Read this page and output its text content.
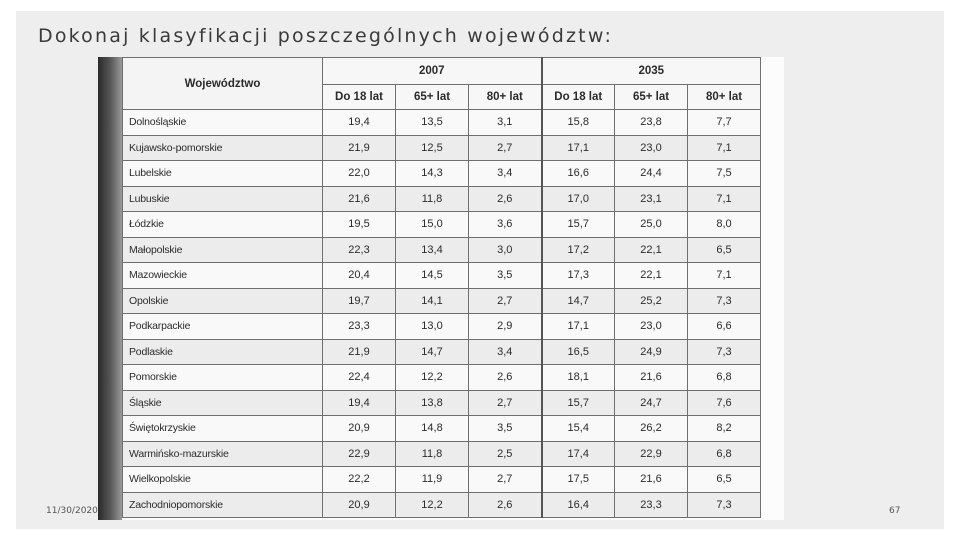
Dokonaj klasyfikacji poszczególnych województw:
Województwo	2007			2035		
	Do 18 lat	65+ lat	80+ lat	Do 18 lat	65+ lat	80+ lat
Dolnośląskie	19,4	13,5	3,1	15,8	23,8	7,7
Kujawsko-pomorskie	21,9	12,5	2,7	17,1	23,0	7,1
Lubelskie	22,0	14,3	3,4	16,6	24,4	7,5
Lubuskie	21,6	11,8	2,6	17,0	23,1	7,1
Łódzkie	19,5	15,0	3,6	15,7	25,0	8,0
Małopolskie	22,3	13,4	3,0	17,2	22,1	6,5
Mazowieckie	20,4	14,5	3,5	17,3	22,1	7,1
Opolskie	19,7	14,1	2,7	14,7	25,2	7,3
Podkarpackie	23,3	13,0	2,9	17,1	23,0	6,6
Podlaskie	21,9	14,7	3,4	16,5	24,9	7,3
Pomorskie	22,4	12,2	2,6	18,1	21,6	6,8
Śląskie	19,4	13,8	2,7	15,7	24,7	7,6
Świętokrzyskie	20,9	14,8	3,5	15,4	26,2	8,2
Warmińsko-mazurskie	22,9	11,8	2,5	17,4	22,9	6,8
Wielkopolskie	22,2	11,9	2,7	17,5	21,6	6,5
Zachodniopomorskie	20,9	12,2	2,6	16,4	23,3	7,3
11/30/2020	67
